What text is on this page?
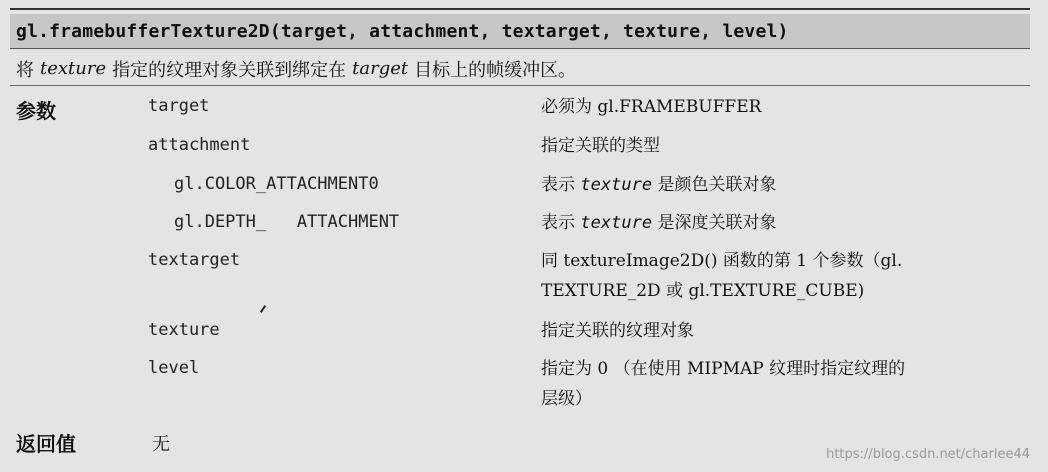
gl.framebufferTexture2D(target, attachment, textarget, texture, level)
将 texture 指定的纹理对象关联到绑定在 target 目标上的帧缓冲区。
参数	target	必须为 gl.FRAMEBUFFER
attachment	指定关联的类型
gl.COLOR_ATTACHMENT0	表示 texture 是颜色关联对象
gl.DEPTH_   ATTACHMENT	表示 texture 是深度关联对象
textarget	同 textureImage2D() 函数的第 1 个参数（gl.
TEXTURE_2D 或 gl.TEXTURE_CUBE)
texture	指定关联的纹理对象
level	指定为 0 （在使用 MIPMAP 纹理时指定纹理的
层级）
返回值	无	https://blog.csdn.net/charlee44
